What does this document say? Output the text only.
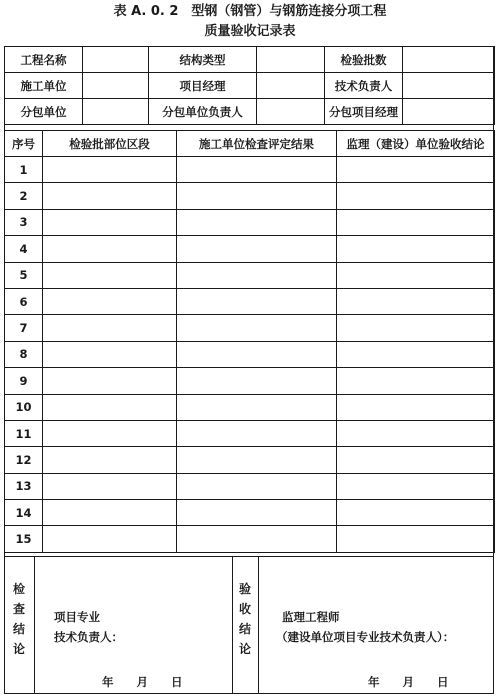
表 A. 0. 2　型钢（钢管）与钢筋连接分项工程
质量验收记录表
工程名称		结构类型		检验批数	
施工单位		项目经理		技术负责人	
分包单位		分包单位负责人		分包项目经理	
序号	检验批部位区段	施工单位检查评定结果	监理（建设）单位验收结论
1			
2			
3			
4			
5			
6			
7			
8			
9			
10			
11			
12			
13			
14			
15			
检
查
结
论
项目专业
技术负责人：
年　　月　　日
验
收
结
论
监理工程师
（建设单位项目专业技术负责人）：
年　　月　　日
